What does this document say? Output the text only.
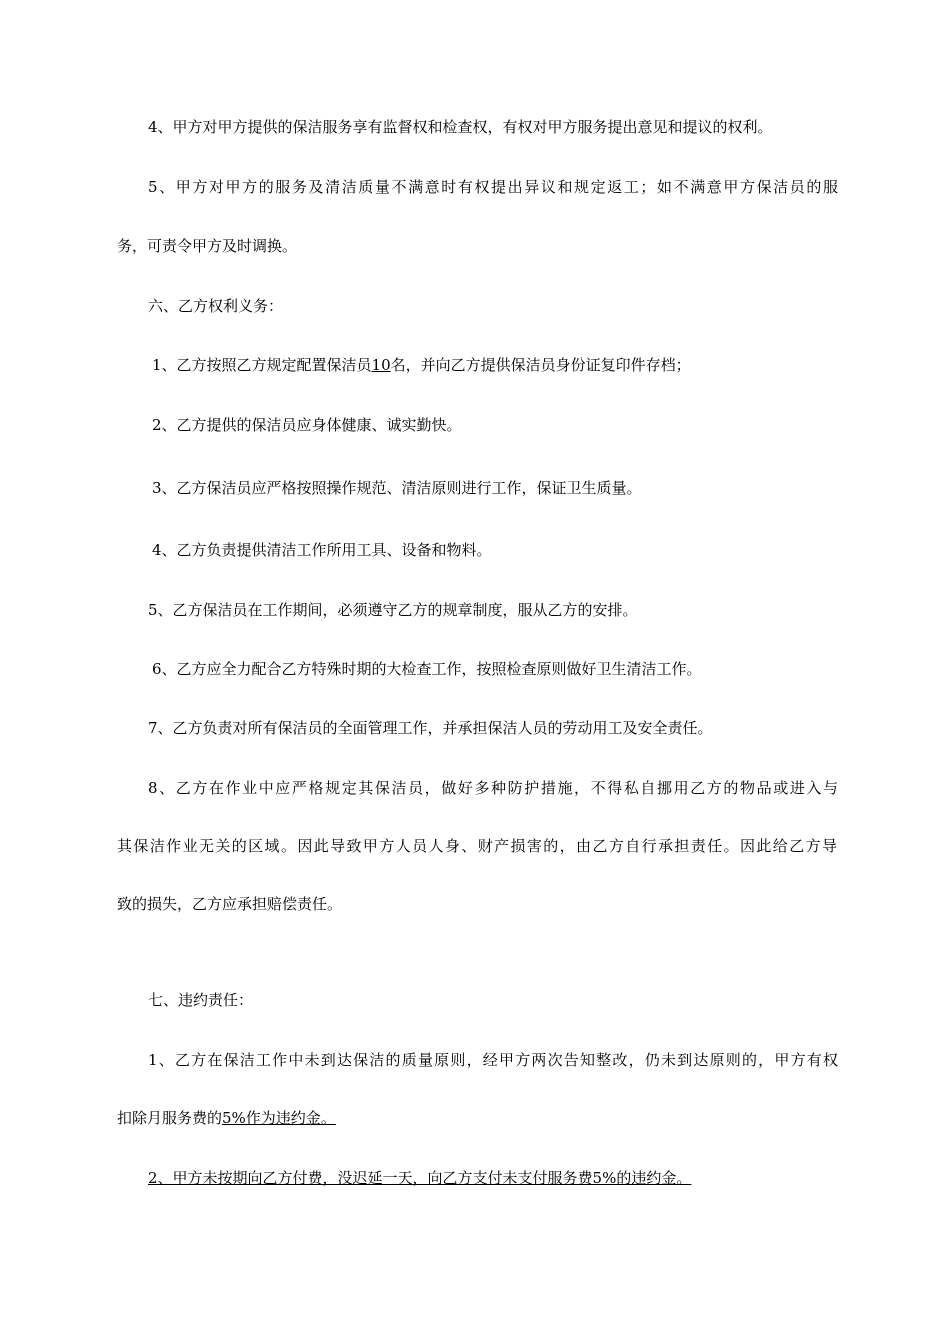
4、甲方对甲方提供的保洁服务享有监督权和检查权，有权对甲方服务提出意见和提议的权利。
5、甲方对甲方的服务及清洁质量不满意时有权提出异议和规定返工；如不满意甲方保洁员的服
务，可责令甲方及时调换。
六、乙方权利义务：
1、乙方按照乙方规定配置保洁员10名，并向乙方提供保洁员身份证复印件存档；
2、乙方提供的保洁员应身体健康、诚实勤快。
3、乙方保洁员应严格按照操作规范、清洁原则进行工作，保证卫生质量。
4、乙方负责提供清洁工作所用工具、设备和物料。
5、乙方保洁员在工作期间，必须遵守乙方的规章制度，服从乙方的安排。
6、乙方应全力配合乙方特殊时期的大检查工作，按照检查原则做好卫生清洁工作。
7、乙方负责对所有保洁员的全面管理工作，并承担保洁人员的劳动用工及安全责任。
8、乙方在作业中应严格规定其保洁员，做好多种防护措施，不得私自挪用乙方的物品或进入与
其保洁作业无关的区域。因此导致甲方人员人身、财产损害的，由乙方自行承担责任。因此给乙方导
致的损失，乙方应承担赔偿责任。
七、违约责任：
1、乙方在保洁工作中未到达保洁的质量原则，经甲方两次告知整改，仍未到达原则的，甲方有权
扣除月服务费的5%作为违约金。
2、甲方未按期向乙方付费，没迟延一天，向乙方支付未支付服务费5%的违约金。
